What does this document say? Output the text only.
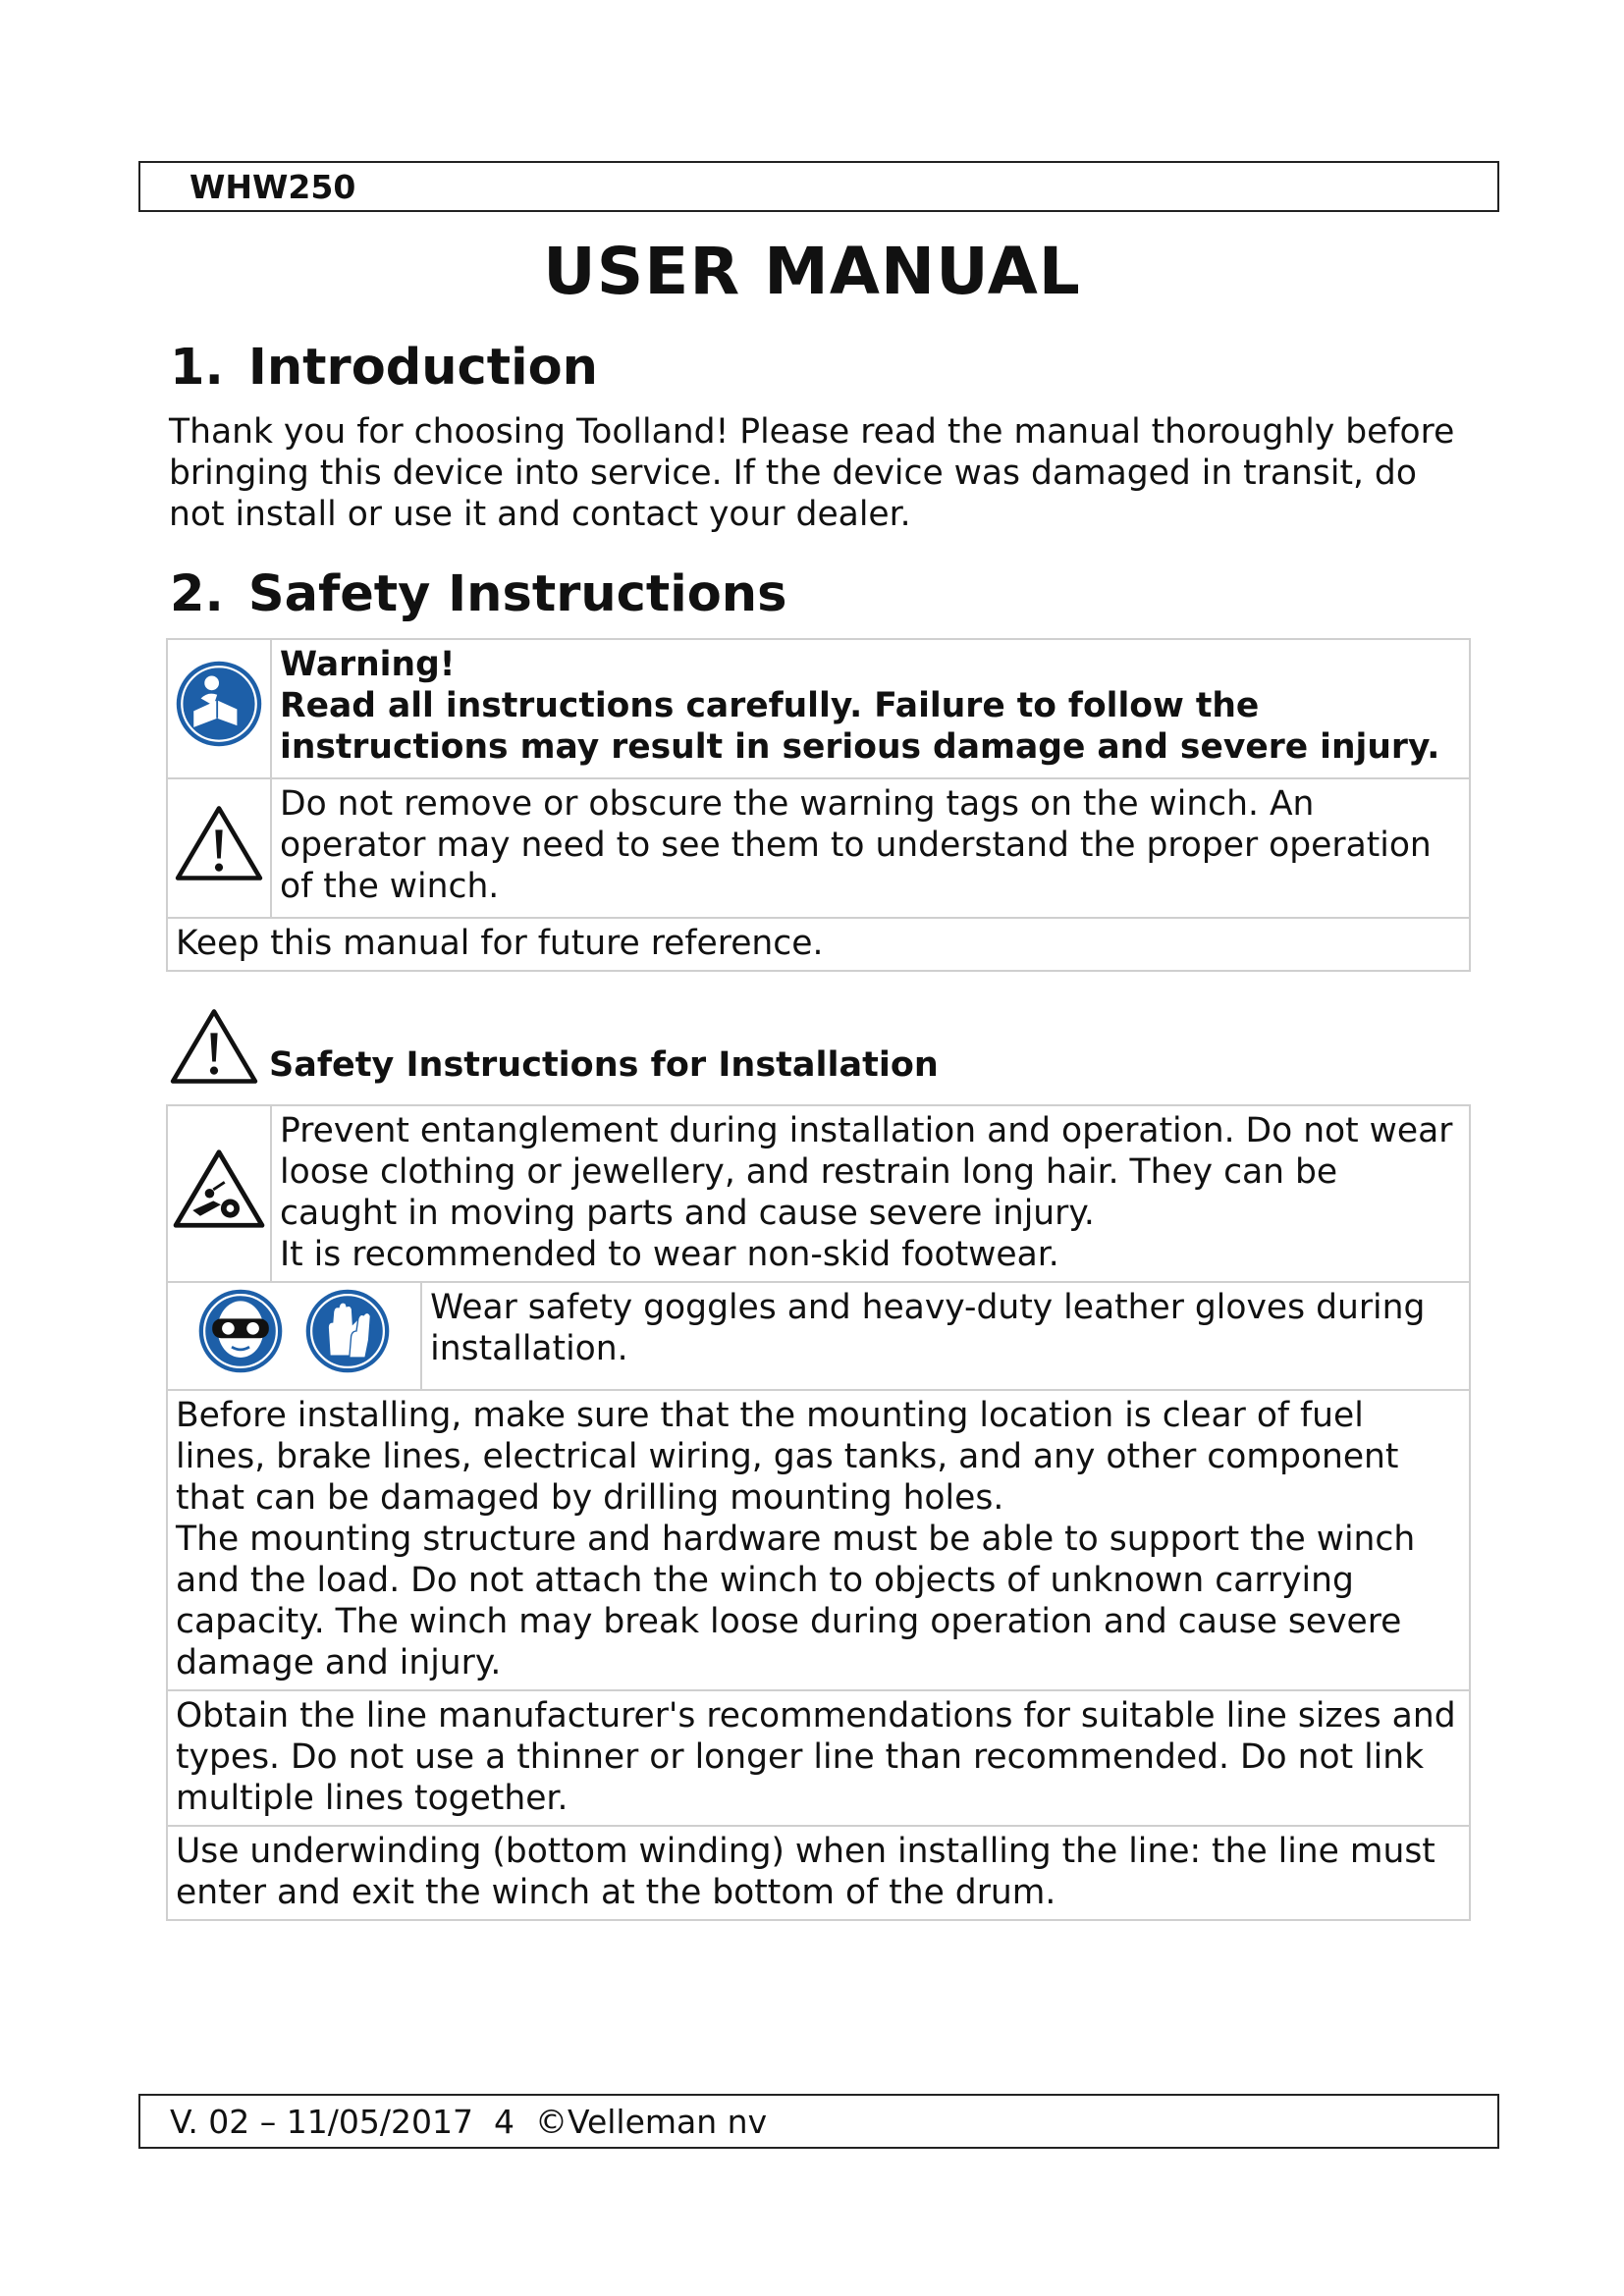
WHW250
USER MANUAL
1. Introduction
Thank you for choosing Toolland! Please read the manual thoroughly before bringing this device into service. If the device was damaged in transit, do not install or use it and contact your dealer.
2. Safety Instructions

Warning!
Read all instructions carefully. Failure to follow the instructions may result in serious damage and severe injury.

Do not remove or obscure the warning tags on the winch. An operator may need to see them to understand the proper operation of the winch.

Keep this manual for future reference.	
Safety Instructions for Installation

Prevent entanglement during installation and operation. Do not wear loose clothing or jewellery, and restrain long hair. They can be caught in moving parts and cause severe injury.
It is recommended to wear non-skid footwear.	

Wear safety goggles and heavy-duty leather gloves during installation.

Before installing, make sure that the mounting location is clear of fuel lines, brake lines, electrical wiring, gas tanks, and any other component that can be damaged by drilling mounting holes.
The mounting structure and hardware must be able to support the winch and the load. Do not attach the winch to objects of unknown carrying capacity. The winch may break loose during operation and cause severe damage and injury.		

Obtain the line manufacturer's recommendations for suitable line sizes and types. Do not use a thinner or longer line than recommended. Do not link multiple lines together.		

Use underwinding (bottom winding) when installing the line: the line must enter and exit the winch at the bottom of the drum.		
V. 02 – 11/05/2017
4
©Velleman nv
